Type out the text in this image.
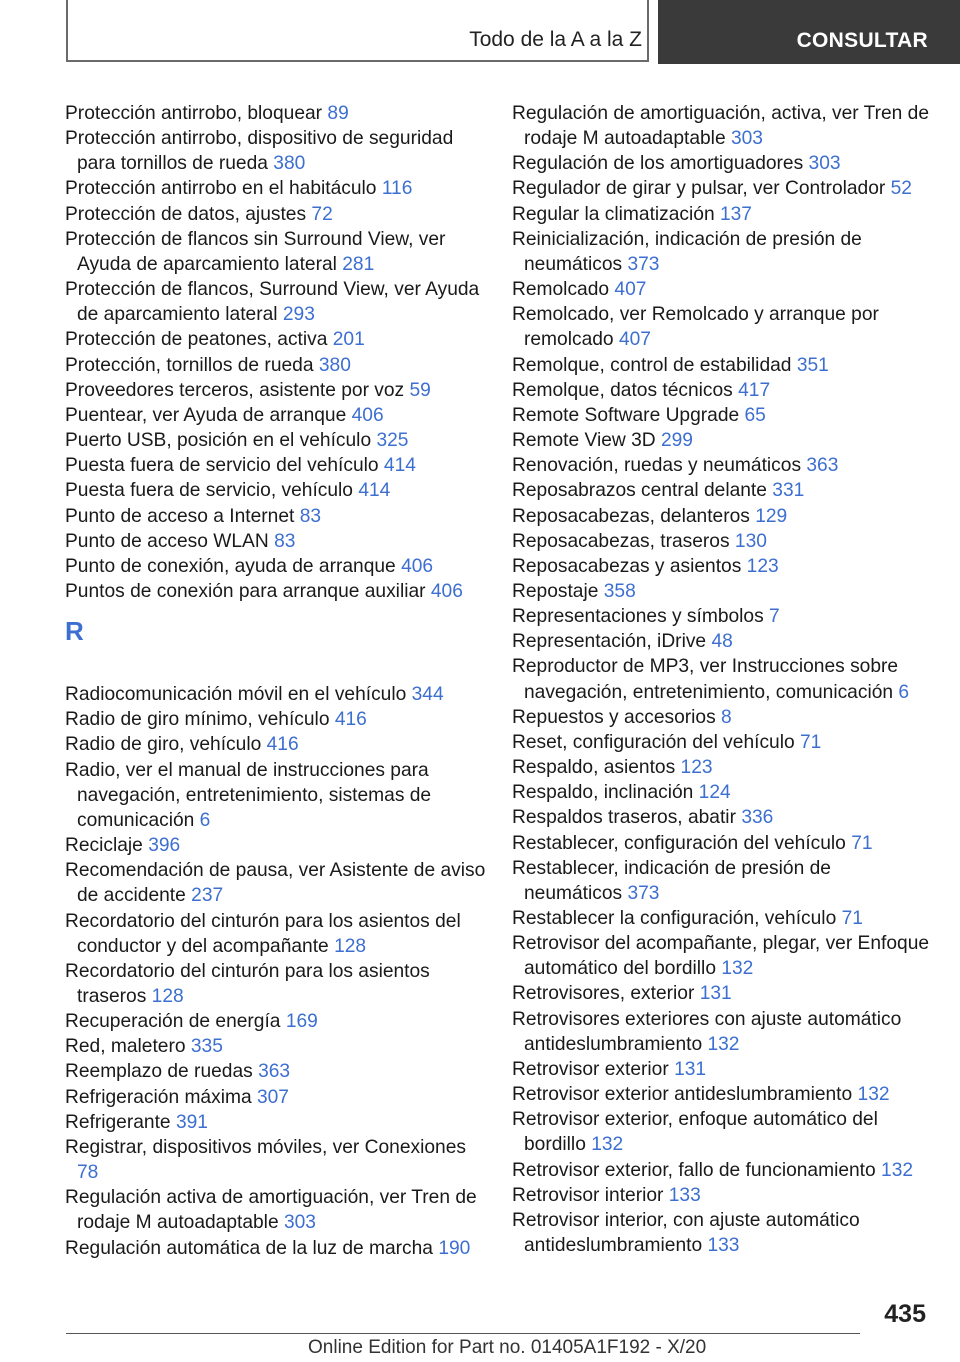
Todo de la A a la Z	CONSULTAR

Protección antirrobo, bloquear 89

Protección antirrobo, dispositivo de seguridad para tornillos de rueda 380

Protección antirrobo en el habitáculo 116

Protección de datos, ajustes 72

Protección de flancos sin Surround View, ver Ayuda de aparcamiento lateral 281

Protección de flancos, Surround View, ver Ayuda de aparcamiento lateral 293

Protección de peatones, activa 201

Protección, tornillos de rueda 380

Proveedores terceros, asistente por voz 59

Puentear, ver Ayuda de arranque 406

Puerto USB, posición en el vehículo 325

Puesta fuera de servicio del vehículo 414

Puesta fuera de servicio, vehículo 414

Punto de acceso a Internet 83

Punto de acceso WLAN 83

Punto de conexión, ayuda de arranque 406

Puntos de conexión para arranque auxiliar 406

R

Radiocomunicación móvil en el vehículo 344

Radio de giro mínimo, vehículo 416

Radio de giro, vehículo 416

Radio, ver el manual de instrucciones para navegación, entretenimiento, sistemas de comunicación 6

Reciclaje 396

Recomendación de pausa, ver Asistente de aviso de accidente 237

Recordatorio del cinturón para los asientos del conductor y del acompañante 128

Recordatorio del cinturón para los asientos traseros 128

Recuperación de energía 169

Red, maletero 335

Reemplazo de ruedas 363

Refrigeración máxima 307

Refrigerante 391

Registrar, dispositivos móviles, ver Conexiones 78

Regulación activa de amortiguación, ver Tren de rodaje M autoadaptable 303

Regulación automática de la luz de marcha 190

Regulación de amortiguación, activa, ver Tren de rodaje M autoadaptable 303

Regulación de los amortiguadores 303

Regulador de girar y pulsar, ver Controlador 52

Regular la climatización 137

Reinicialización, indicación de presión de neumáticos 373

Remolcado 407

Remolcado, ver Remolcado y arranque por remolcado 407

Remolque, control de estabilidad 351

Remolque, datos técnicos 417

Remote Software Upgrade 65

Remote View 3D 299

Renovación, ruedas y neumáticos 363

Reposabrazos central delante 331

Reposacabezas, delanteros 129

Reposacabezas, traseros 130

Reposacabezas y asientos 123

Repostaje 358

Representaciones y símbolos 7

Representación, iDrive 48

Reproductor de MP3, ver Instrucciones sobre navegación, entretenimiento, comunicación 6

Repuestos y accesorios 8

Reset, configuración del vehículo 71

Respaldo, asientos 123

Respaldo, inclinación 124

Respaldos traseros, abatir 336

Restablecer, configuración del vehículo 71

Restablecer, indicación de presión de neumáticos 373

Restablecer la configuración, vehículo 71

Retrovisor del acompañante, plegar, ver Enfoque automático del bordillo 132

Retrovisores, exterior 131

Retrovisores exteriores con ajuste automático antideslumbramiento 132

Retrovisor exterior 131

Retrovisor exterior antideslumbramiento 132

Retrovisor exterior, enfoque automático del bordillo 132

Retrovisor exterior, fallo de funcionamiento 132

Retrovisor interior 133

Retrovisor interior, con ajuste automático antideslumbramiento 133

435
Online Edition for Part no. 01405A1F192 - X/20
